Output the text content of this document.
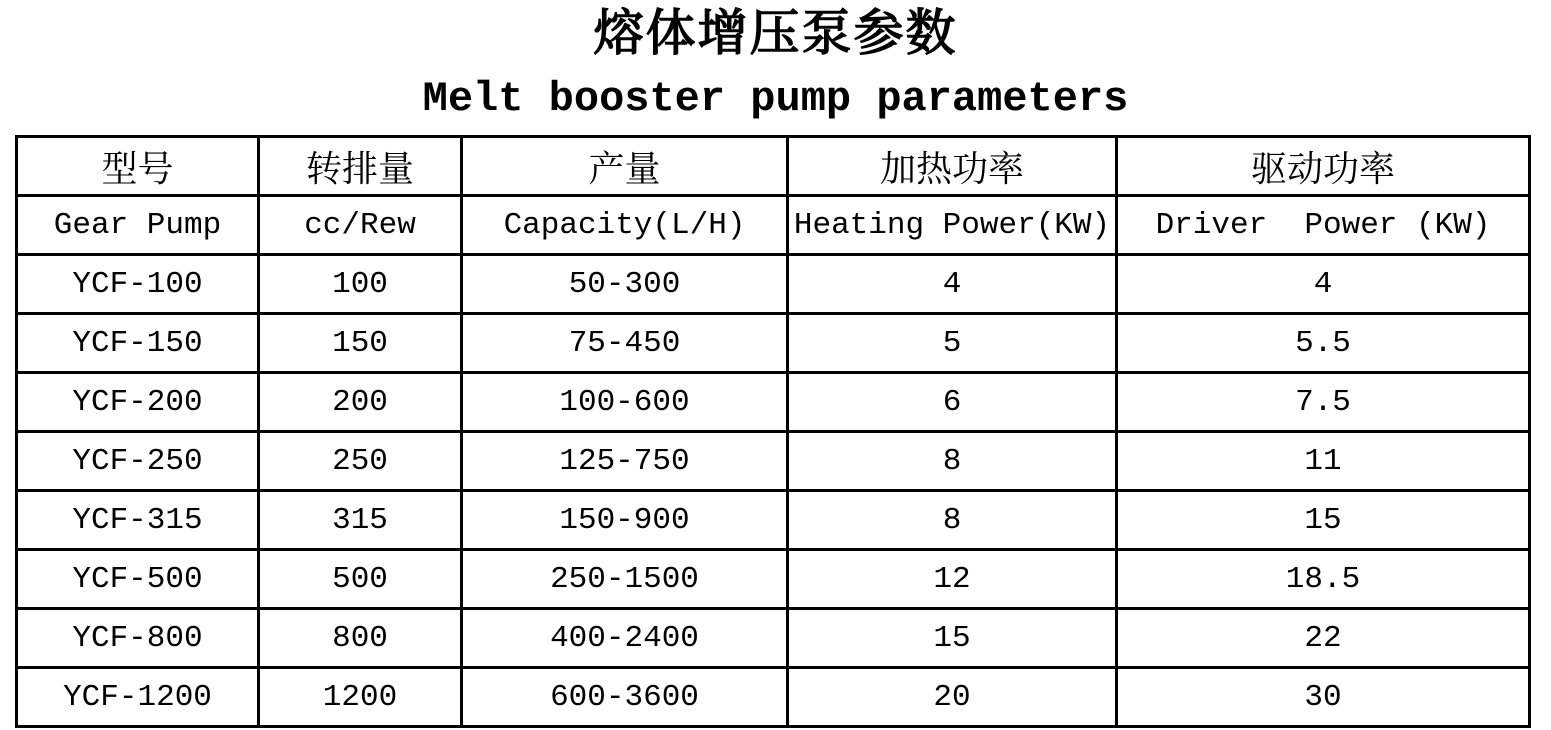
熔体增压泵参数
Melt booster pump parameters
型号	转排量	产量	加热功率	驱动功率
Gear Pump	cc/Rew	Capacity(L/H)	Heating Power(KW)	Driver  Power (KW)
YCF-100	100	50-300	4	4
YCF-150	150	75-450	5	5.5
YCF-200	200	100-600	6	7.5
YCF-250	250	125-750	8	11
YCF-315	315	150-900	8	15
YCF-500	500	250-1500	12	18.5
YCF-800	800	400-2400	15	22
YCF-1200	1200	600-3600	20	30
